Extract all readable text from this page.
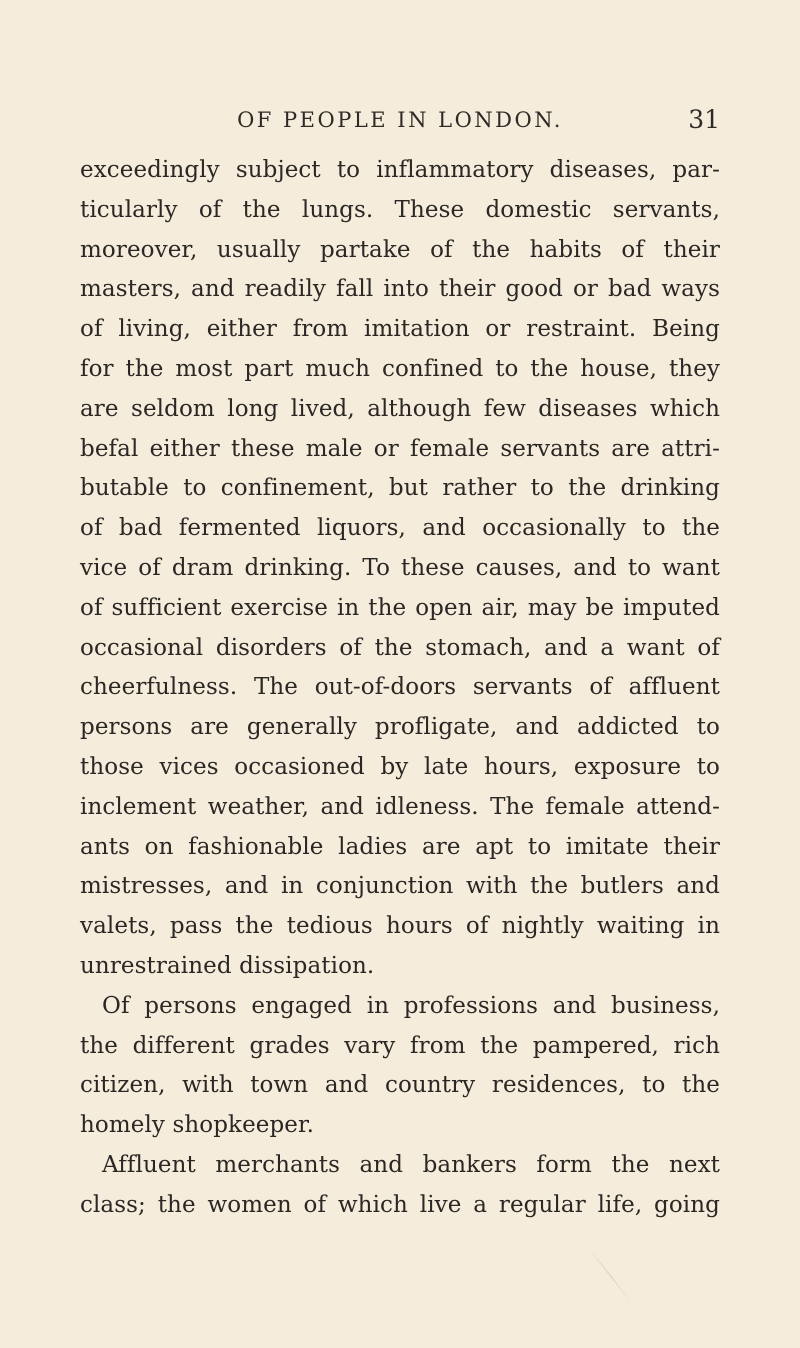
OF PEOPLE IN LONDON.	31
exceedingly subject to inflammatory diseases, par-
ticularly of the lungs. These domestic servants,
moreover, usually partake of the habits of their
masters, and readily fall into their good or bad ways
of living, either from imitation or restraint. Being
for the most part much confined to the house, they
are seldom long lived, although few diseases which
befal either these male or female servants are attri-
butable to confinement, but rather to the drinking
of bad fermented liquors, and occasionally to the
vice of dram drinking. To these causes, and to want
of sufficient exercise in the open air, may be imputed
occasional disorders of the stomach, and a want of
cheerfulness. The out-of-doors servants of affluent
persons are generally profligate, and addicted to
those vices occasioned by late hours, exposure to
inclement weather, and idleness. The female attend-
ants on fashionable ladies are apt to imitate their
mistresses, and in conjunction with the butlers and
valets, pass the tedious hours of nightly waiting in
unrestrained dissipation.
Of persons engaged in professions and business,
the different grades vary from the pampered, rich
citizen, with town and country residences, to the
homely shopkeeper.
Affluent merchants and bankers form the next
class; the women of which live a regular life, going
